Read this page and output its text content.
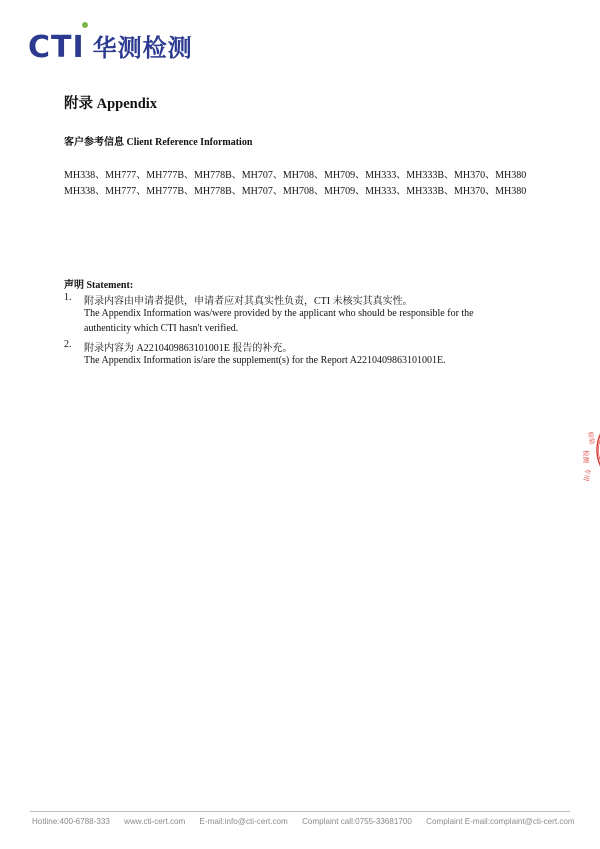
CTI 华测检测
附录 Appendix
客户参考信息 Client Reference Information
MH338、MH777、MH777B、MH778B、MH707、MH708、MH709、MH333、MH333B、MH370、MH380
MH338、MH777、MH777B、MH778B、MH707、MH708、MH709、MH333、MH333B、MH370、MH380
声明 Statement:
1. 附录内容由申请者提供，申请者应对其真实性负责，CTI 未核实其真实性。
The Appendix Information was/were provided by the applicant who should be responsible for the
authenticity which CTI hasn't verified.
2. 附录内容为 A2210409863101001E 报告的补充。
The Appendix Information is/are the supplement(s) for the Report A2210409863101001E.
检验
检测
专用
Hotline:400-6788-333 www.cti-cert.com E-mail:info@cti-cert.com Complaint call:0755-33681700 Complaint E-mail:complaint@cti-cert.com
